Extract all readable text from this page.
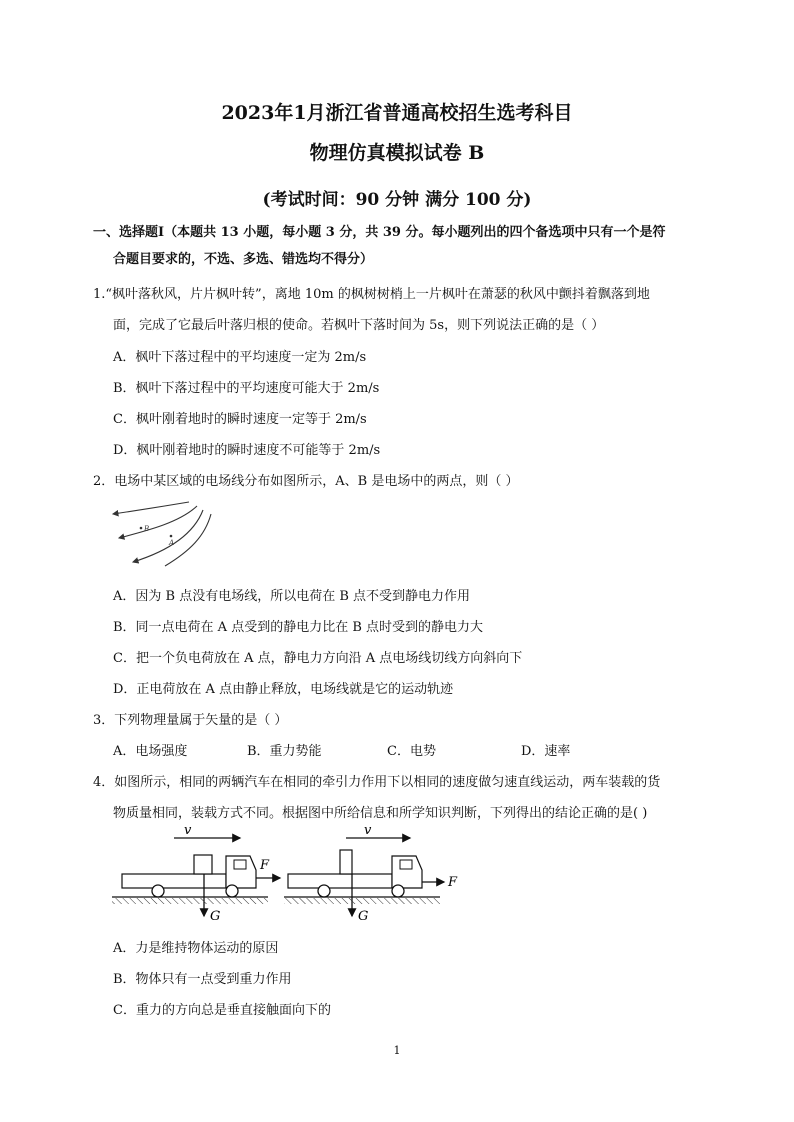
2023年1月浙江省普通高校招生选考科目
物理仿真模拟试卷 B
(考试时间：90 分钟 满分 100 分)
一、选择题Ⅰ（本题共 13 小题，每小题 3 分，共 39 分。每小题列出的四个备选项中只有一个是符
合题目要求的，不选、多选、错选均不得分）
1.“枫叶落秋风，片片枫叶转”，离地 10m 的枫树树梢上一片枫叶在萧瑟的秋风中颤抖着飘落到地
面，完成了它最后叶落归根的使命。若枫叶下落时间为 5s，则下列说法正确的是（ ）
A．枫叶下落过程中的平均速度一定为 2m/s
B．枫叶下落过程中的平均速度可能大于 2m/s
C．枫叶刚着地时的瞬时速度一定等于 2m/s
D．枫叶刚着地时的瞬时速度不可能等于 2m/s
2．电场中某区域的电场线分布如图所示，A、B 是电场中的两点，则（ ）
B
A
A．因为 B 点没有电场线，所以电荷在 B 点不受到静电力作用
B．同一点电荷在 A 点受到的静电力比在 B 点时受到的静电力大
C．把一个负电荷放在 A 点，静电力方向沿 A 点电场线切线方向斜向下
D．正电荷放在 A 点由静止释放，电场线就是它的运动轨迹
3．下列物理量属于矢量的是（ ）
A．电场强度	B．重力势能	C．电势	D．速率
4．如图所示，相同的两辆汽车在相同的牵引力作用下以相同的速度做匀速直线运动，两车装载的货
物质量相同，装载方式不同。根据图中所给信息和所学知识判断，下列得出的结论正确的是( )
v
F
G
v
F
G
A．力是维持物体运动的原因
B．物体只有一点受到重力作用
C．重力的方向总是垂直接触面向下的
1
